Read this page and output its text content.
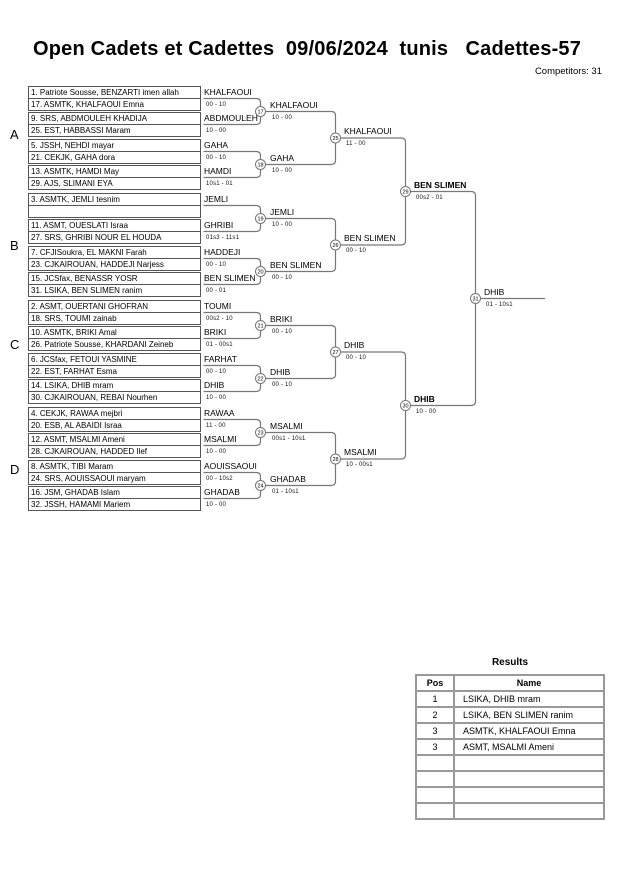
Open Cadets et Cadettes  09/06/2024  tunis   Cadettes-57
Competitors: 31
17
18
19
20
21
22
23
24
25
26
27
28
29
30
31
A
B
C
D
1. Patriote Sousse, BENZARTI imen allah
17. ASMTK, KHALFAOUI Emna
KHALFAOUI
00 - 10
9. SRS, ABDMOULEH KHADIJA
25. EST, HABBASSI Maram
ABDMOULEH
10 - 00
5. JSSH, NEHDI mayar
21. CEKJK, GAHA dora
GAHA
00 - 10
13. ASMTK, HAMDI May
29. AJS, SLIMANI EYA
HAMDI
10s1 - 01
3. ASMTK, JEMLI tesnim	JEMLI
11. ASMT, OUESLATI Israa
27. SRS, GHRIBI NOUR EL HOUDA
GHRIBI
01s3 - 11s1
7. CFJISoukra, EL MAKNI Farah
23. CJKAIROUAN, HADDEJI Narjess
HADDEJI
00 - 10
15. JCSfax, BENASSR YOSR
31. LSIKA, BEN SLIMEN ranim
BEN SLIMEN
00 - 01
2. ASMT, OUERTANI GHOFRAN
18. SRS, TOUMI zainab
TOUMI
00s2 - 10
10. ASMTK, BRIKI Amal
26. Patriote Sousse, KHARDANI Zeineb
BRIKI
01 - 00s1
6. JCSfax, FETOUI YASMINE
22. EST, FARHAT Esma
FARHAT
00 - 10
14. LSIKA, DHIB mram
30. CJKAIROUAN, REBAI Nourhen
DHIB
10 - 00
4. CEKJK, RAWAA mejbri
20. ESB, AL ABAIDI Israa
RAWAA
11 - 00
12. ASMT, MSALMI Ameni
28. CJKAIROUAN, HADDED Ilef
MSALMI
10 - 00
8. ASMTK, TIBI Maram
24. SRS, AOUISSAOUI maryam
AOUISSAOUI
00 - 10s2
16. JSM, GHADAB Islam
32. JSSH, HAMAMI Mariem
GHADAB
10 - 00
KHALFAOUI
10 - 00
GAHA
10 - 00
JEMLI
10 - 00
BEN SLIMEN
00 - 10
BRIKI
00 - 10
DHIB
00 - 10
MSALMI
00s1 - 10s1
GHADAB
01 - 10s1
KHALFAOUI
11 - 00
BEN SLIMEN
00 - 10
DHIB
00 - 10
MSALMI
10 - 00s1
BEN SLIMEN
00s2 - 01
DHIB
10 - 00
DHIB
01 - 10s1
Results
Pos	Name
1	LSIKA, DHIB mram
2	LSIKA, BEN SLIMEN ranim
3	ASMTK, KHALFAOUI Emna
3	ASMT, MSALMI Ameni
